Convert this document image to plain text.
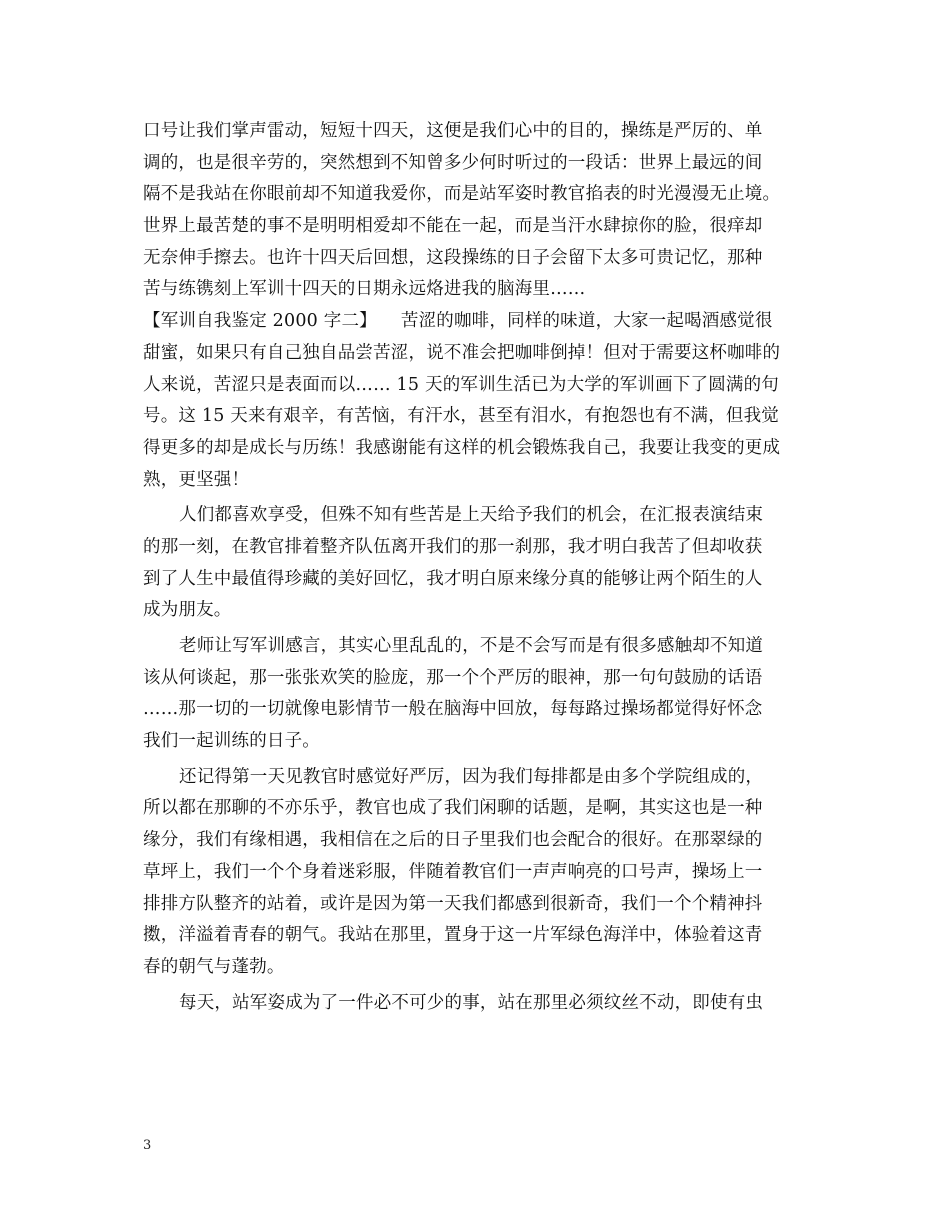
口号让我们掌声雷动，短短十四天，这便是我们心中的目的，操练是严厉的、单
调的，也是很辛劳的，突然想到不知曾多少何时听过的一段话：世界上最远的间
隔不是我站在你眼前却不知道我爱你，而是站军姿时教官掐表的时光漫漫无止境。
世界上最苦楚的事不是明明相爱却不能在一起，而是当汗水肆掠你的脸，很痒却
无奈伸手擦去。也许十四天后回想，这段操练的日子会留下太多可贵记忆，那种
苦与练镌刻上军训十四天的日期永远烙进我的脑海里……
【军训自我鉴定 2000 字二】 苦涩的咖啡，同样的味道，大家一起喝酒感觉很
甜蜜，如果只有自己独自品尝苦涩，说不准会把咖啡倒掉！但对于需要这杯咖啡的
人来说，苦涩只是表面而以…… 15 天的军训生活已为大学的军训画下了圆满的句
号。这 15 天来有艰辛，有苦恼，有汗水，甚至有泪水，有抱怨也有不满，但我觉
得更多的却是成长与历练！我感谢能有这样的机会锻炼我自己，我要让我变的更成
熟，更坚强！
人们都喜欢享受，但殊不知有些苦是上天给予我们的机会，在汇报表演结束
的那一刻，在教官排着整齐队伍离开我们的那一刹那，我才明白我苦了但却收获
到了人生中最值得珍藏的美好回忆，我才明白原来缘分真的能够让两个陌生的人
成为朋友。
老师让写军训感言，其实心里乱乱的，不是不会写而是有很多感触却不知道
该从何谈起，那一张张欢笑的脸庞，那一个个严厉的眼神，那一句句鼓励的话语
……那一切的一切就像电影情节一般在脑海中回放，每每路过操场都觉得好怀念
我们一起训练的日子。
还记得第一天见教官时感觉好严厉，因为我们每排都是由多个学院组成的，
所以都在那聊的不亦乐乎，教官也成了我们闲聊的话题，是啊，其实这也是一种
缘分，我们有缘相遇，我相信在之后的日子里我们也会配合的很好。在那翠绿的
草坪上，我们一个个身着迷彩服，伴随着教官们一声声响亮的口号声，操场上一
排排方队整齐的站着，或许是因为第一天我们都感到很新奇，我们一个个精神抖
擞，洋溢着青春的朝气。我站在那里，置身于这一片军绿色海洋中，体验着这青
春的朝气与蓬勃。
每天，站军姿成为了一件必不可少的事，站在那里必须纹丝不动，即使有虫
3
